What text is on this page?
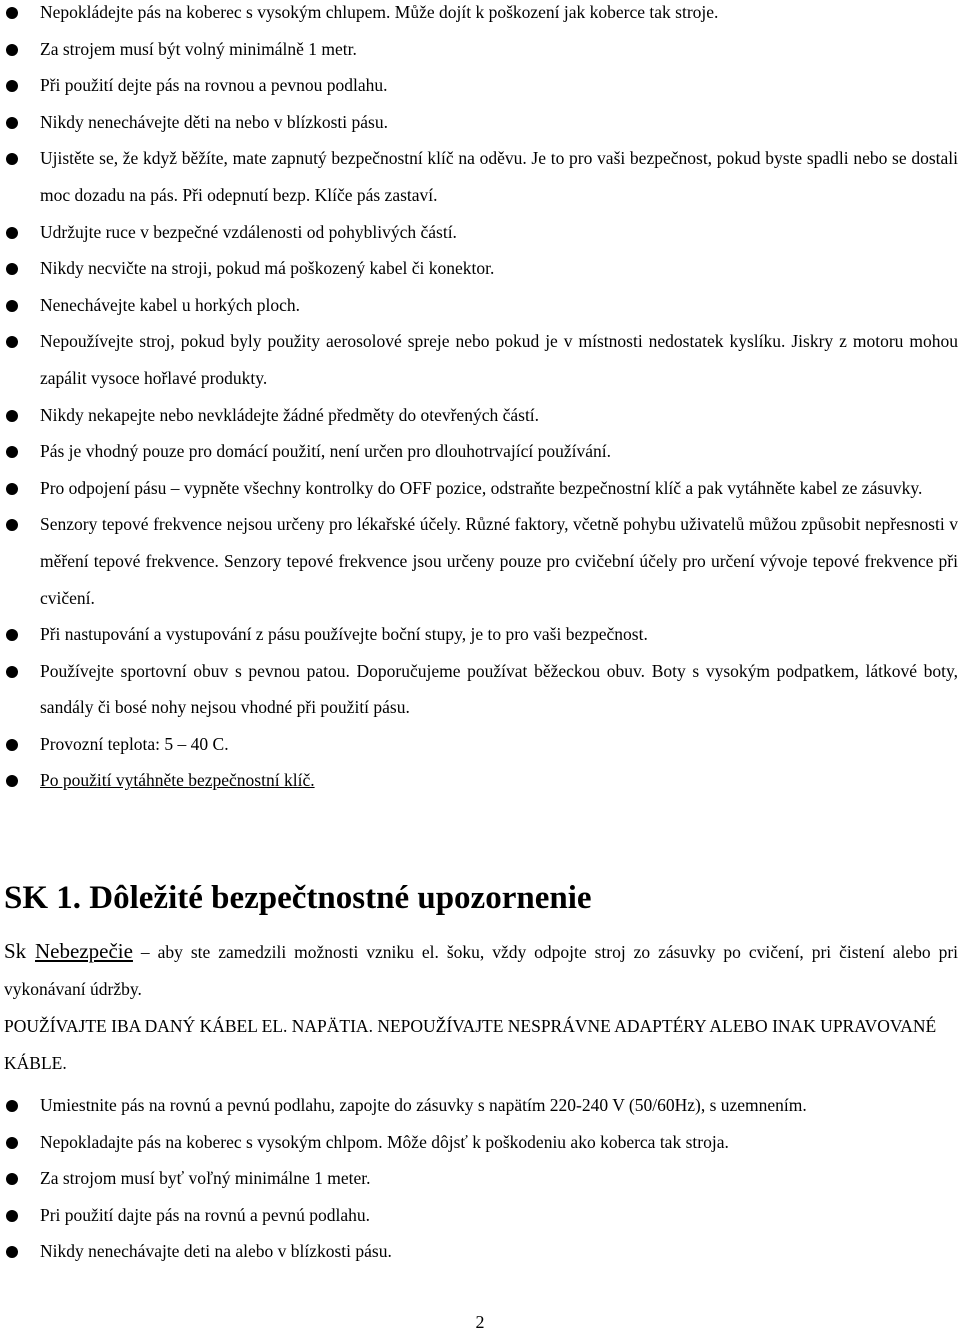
Nepokládejte pás na koberec s vysokým chlupem. Může dojít k poškození jak koberce tak stroje.
Za strojem musí být volný minimálně 1 metr.
Při použití dejte pás na rovnou a pevnou podlahu.
Nikdy nenechávejte děti na nebo v blízkosti pásu.
Ujistěte se, že když běžíte, mate zapnutý bezpečnostní klíč na oděvu. Je to pro vaši bezpečnost, pokud byste spadli nebo se dostali moc dozadu na pás. Při odepnutí bezp. Klíče pás zastaví.
Udržujte ruce v bezpečné vzdálenosti od pohyblivých částí.
Nikdy necvičte na stroji, pokud má poškozený kabel či konektor.
Nenechávejte kabel u horkých ploch.
Nepoužívejte stroj, pokud byly použity aerosolové spreje nebo pokud je v místnosti nedostatek kyslíku. Jiskry z motoru mohou zapálit vysoce hořlavé produkty.
Nikdy nekapejte nebo nevkládejte žádné předměty do otevřených částí.
Pás je vhodný pouze pro domácí použití, není určen pro dlouhotrvající používání.
Pro odpojení pásu – vypněte všechny kontrolky do OFF pozice, odstraňte bezpečnostní klíč a pak vytáhněte kabel ze zásuvky.
Senzory tepové frekvence nejsou určeny pro lékařské účely. Různé faktory, včetně pohybu uživatelů můžou způsobit nepřesnosti v měření tepové frekvence. Senzory tepové frekvence jsou určeny pouze pro cvičební účely pro určení vývoje tepové frekvence při cvičení.
Při nastupování a vystupování z pásu používejte boční stupy, je to pro vaši bezpečnost.
Používejte sportovní obuv s pevnou patou. Doporučujeme používat běžeckou obuv. Boty s vysokým podpatkem, látkové boty, sandály či bosé nohy nejsou vhodné při použití pásu.
Provozní teplota: 5 – 40 C.
Po použití vytáhněte bezpečnostní klíč.
SK 1. Dôležité bezpečtnostné upozornenie
Sk Nebezpečie – aby ste zamedzili možnosti vzniku el. šoku, vždy odpojte stroj zo zásuvky po cvičení, pri čistení alebo pri vykonávaní údržby.
POUŽÍVAJTE IBA DANÝ KÁBEL EL. NAPÄTIA. NEPOUŽÍVAJTE NESPRÁVNE ADAPTÉRY ALEBO INAK UPRAVOVANÉ KÁBLE.
Umiestnite pás na rovnú a pevnú podlahu, zapojte do zásuvky s napätím 220-240 V (50/60Hz), s uzemnením.
Nepokladajte pás na koberec s vysokým chlpom. Môže dôjsť k poškodeniu ako koberca tak stroja.
Za strojom musí byť voľný minimálne 1 meter.
Pri použití dajte pás na rovnú a pevnú podlahu.
Nikdy nenechávajte deti na alebo v blízkosti pásu.
2
